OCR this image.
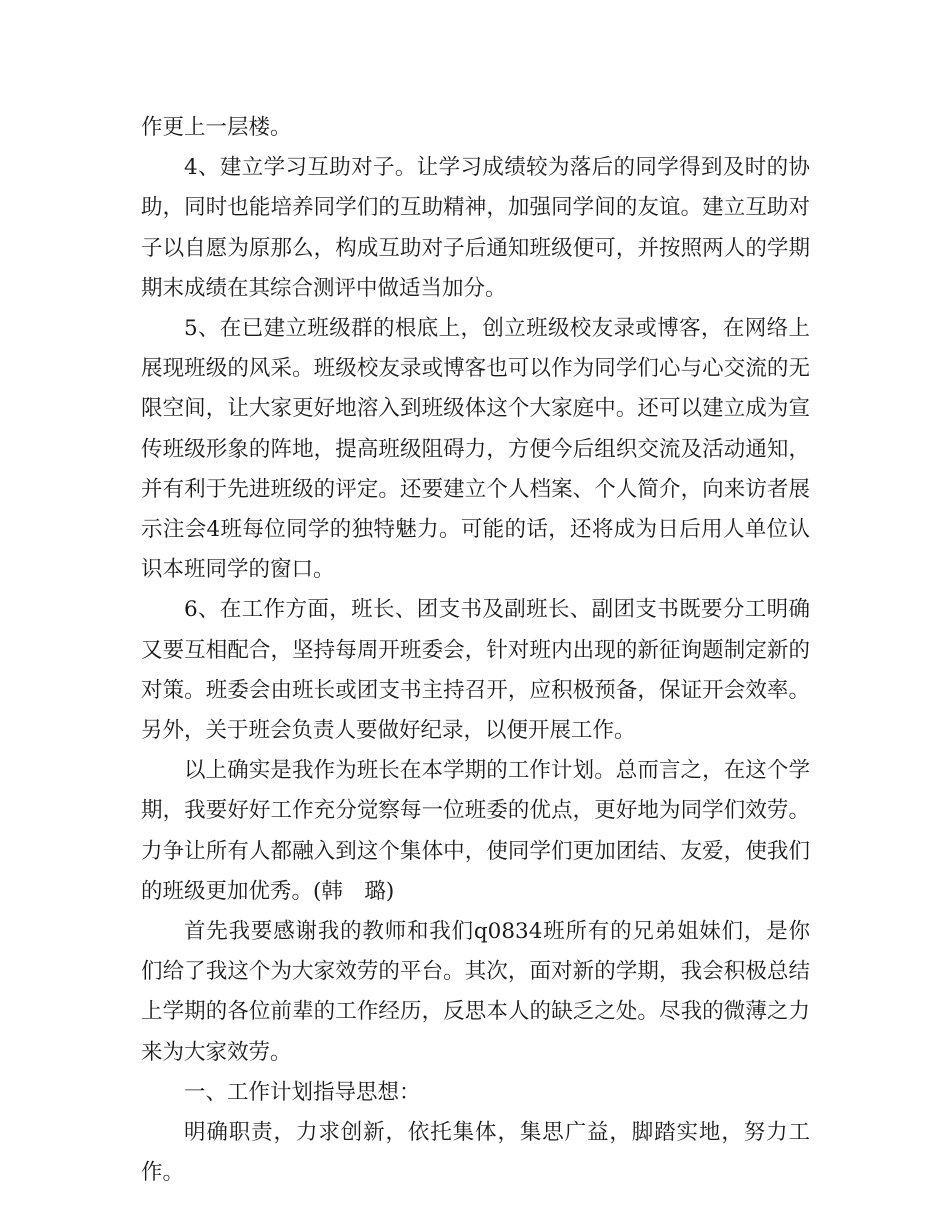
作更上一层楼。

4、建立学习互助对子。让学习成绩较为落后的同学得到及时的协助，同时也能培养同学们的互助精神，加强同学间的友谊。建立互助对子以自愿为原那么，构成互助对子后通知班级便可，并按照两人的学期期末成绩在其综合测评中做适当加分。

5、在已建立班级群的根底上，创立班级校友录或博客，在网络上展现班级的风采。班级校友录或博客也可以作为同学们心与心交流的无限空间，让大家更好地溶入到班级体这个大家庭中。还可以建立成为宣传班级形象的阵地，提高班级阻碍力，方便今后组织交流及活动通知，并有利于先进班级的评定。还要建立个人档案、个人简介，向来访者展示注会4班每位同学的独特魅力。可能的话，还将成为日后用人单位认识本班同学的窗口。

6、在工作方面，班长、团支书及副班长、副团支书既要分工明确又要互相配合，坚持每周开班委会，针对班内出现的新征询题制定新的对策。班委会由班长或团支书主持召开，应积极预备，保证开会效率。另外，关于班会负责人要做好纪录，以便开展工作。

以上确实是我作为班长在本学期的工作计划。总而言之，在这个学期，我要好好工作充分觉察每一位班委的优点，更好地为同学们效劳。力争让所有人都融入到这个集体中，使同学们更加团结、友爱，使我们的班级更加优秀。(韩　璐)

首先我要感谢我的教师和我们q0834班所有的兄弟姐妹们，是你们给了我这个为大家效劳的平台。其次，面对新的学期，我会积极总结上学期的各位前辈的工作经历，反思本人的缺乏之处。尽我的微薄之力来为大家效劳。

一、工作计划指导思想：

明确职责，力求创新，依托集体，集思广益，脚踏实地，努力工作。
